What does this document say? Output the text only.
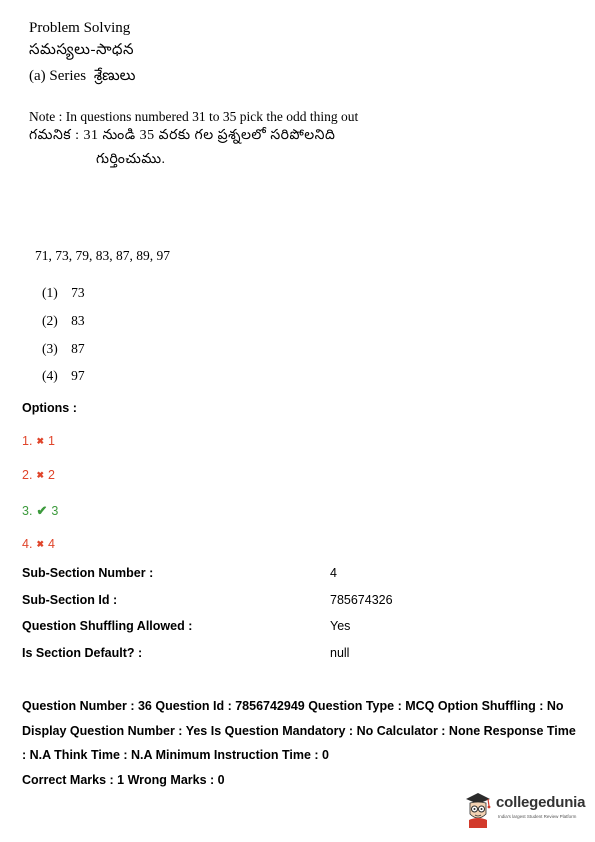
Problem Solving
సమస్యలు-సాధన
(a) Series శ్రేణులు
Note : In questions numbered 31 to 35 pick the odd thing out
గమనిక : 31 నుండి 35 వరకు గల ప్రశ్నలలో సరిపోలనిది
గుర్తించుము.
71, 73, 79, 83, 87, 89, 97
(1) 73
(2) 83
(3) 87
(4) 97
Options :
1. ✖ 1
2. ✖ 2
3. ✔ 3
4. ✖ 4
Sub-Section Number :	4
Sub-Section Id :	785674326
Question Shuffling Allowed :	Yes
Is Section Default? :	null
Question Number : 36 Question Id : 7856742949 Question Type : MCQ Option Shuffling : No Display Question Number : Yes Is Question Mandatory : No Calculator : None Response Time : N.A Think Time : N.A Minimum Instruction Time : 0
Correct Marks : 1 Wrong Marks : 0
collegedunia
India's largest Student Review Platform
